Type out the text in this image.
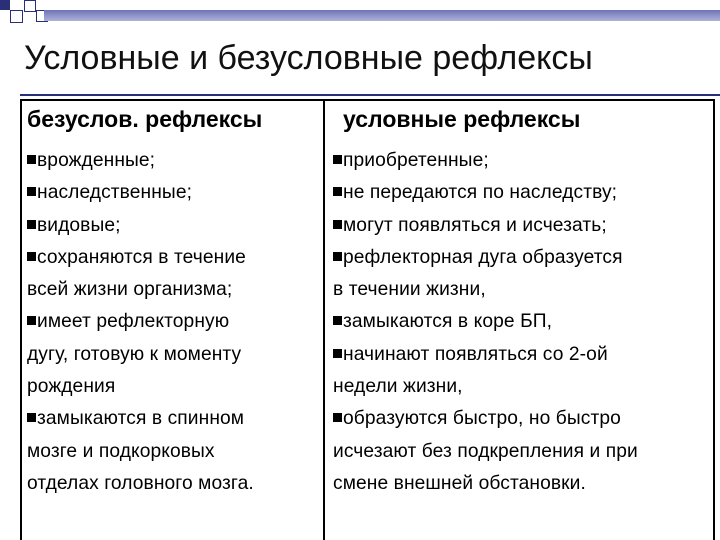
Условные и безусловные рефлексы
безуслов. рефлексы
врожденные;
наследственные;
видовые;
сохраняются в течение
всей жизни организма;
имеет рефлекторную
дугу, готовую к моменту
рождения
замыкаются в спинном
мозге и подкорковых
отделах головного мозга.
условные рефлексы
приобретенные;
не передаются по наследству;
могут появляться и исчезать;
рефлекторная дуга образуется
в течении жизни,
замыкаются в коре БП,
начинают появляться со 2-ой
недели жизни,
образуются быстро, но быстро
исчезают без подкрепления и при
смене внешней обстановки.
